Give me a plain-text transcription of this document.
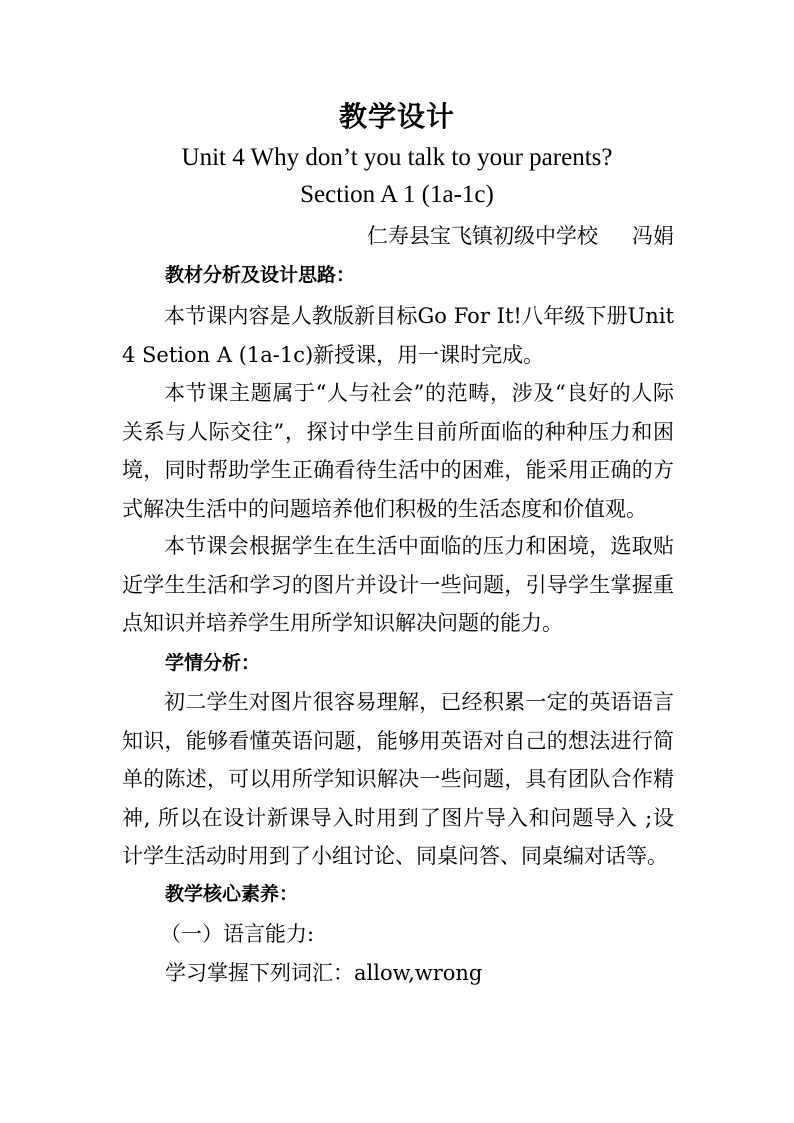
教学设计
Unit 4 Why don’t you talk to your parents?
Section A 1 (1a-1c)
仁寿县宝飞镇初级中学校 冯娟
教材分析及设计思路：
本节课内容是人教版新目标Go For It!八年级下册Unit 4 Setion A (1a-1c)新授课，用一课时完成。
本节课主题属于“人与社会”的范畴，涉及“良好的人际关系与人际交往”，探讨中学生目前所面临的种种压力和困境，同时帮助学生正确看待生活中的困难，能采用正确的方式解决生活中的问题培养他们积极的生活态度和价值观。
本节课会根据学生在生活中面临的压力和困境，选取贴近学生生活和学习的图片并设计一些问题，引导学生掌握重点知识并培养学生用所学知识解决问题的能力。
学情分析：
初二学生对图片很容易理解，已经积累一定的英语语言知识，能够看懂英语问题，能够用英语对自己的想法进行简单的陈述，可以用所学知识解决一些问题，具有团队合作精神, 所以在设计新课导入时用到了图片导入和问题导入 ;设计学生活动时用到了小组讨论、同桌问答、同桌编对话等。
教学核心素养：
（一）语言能力:
学习掌握下列词汇：allow,wrong
